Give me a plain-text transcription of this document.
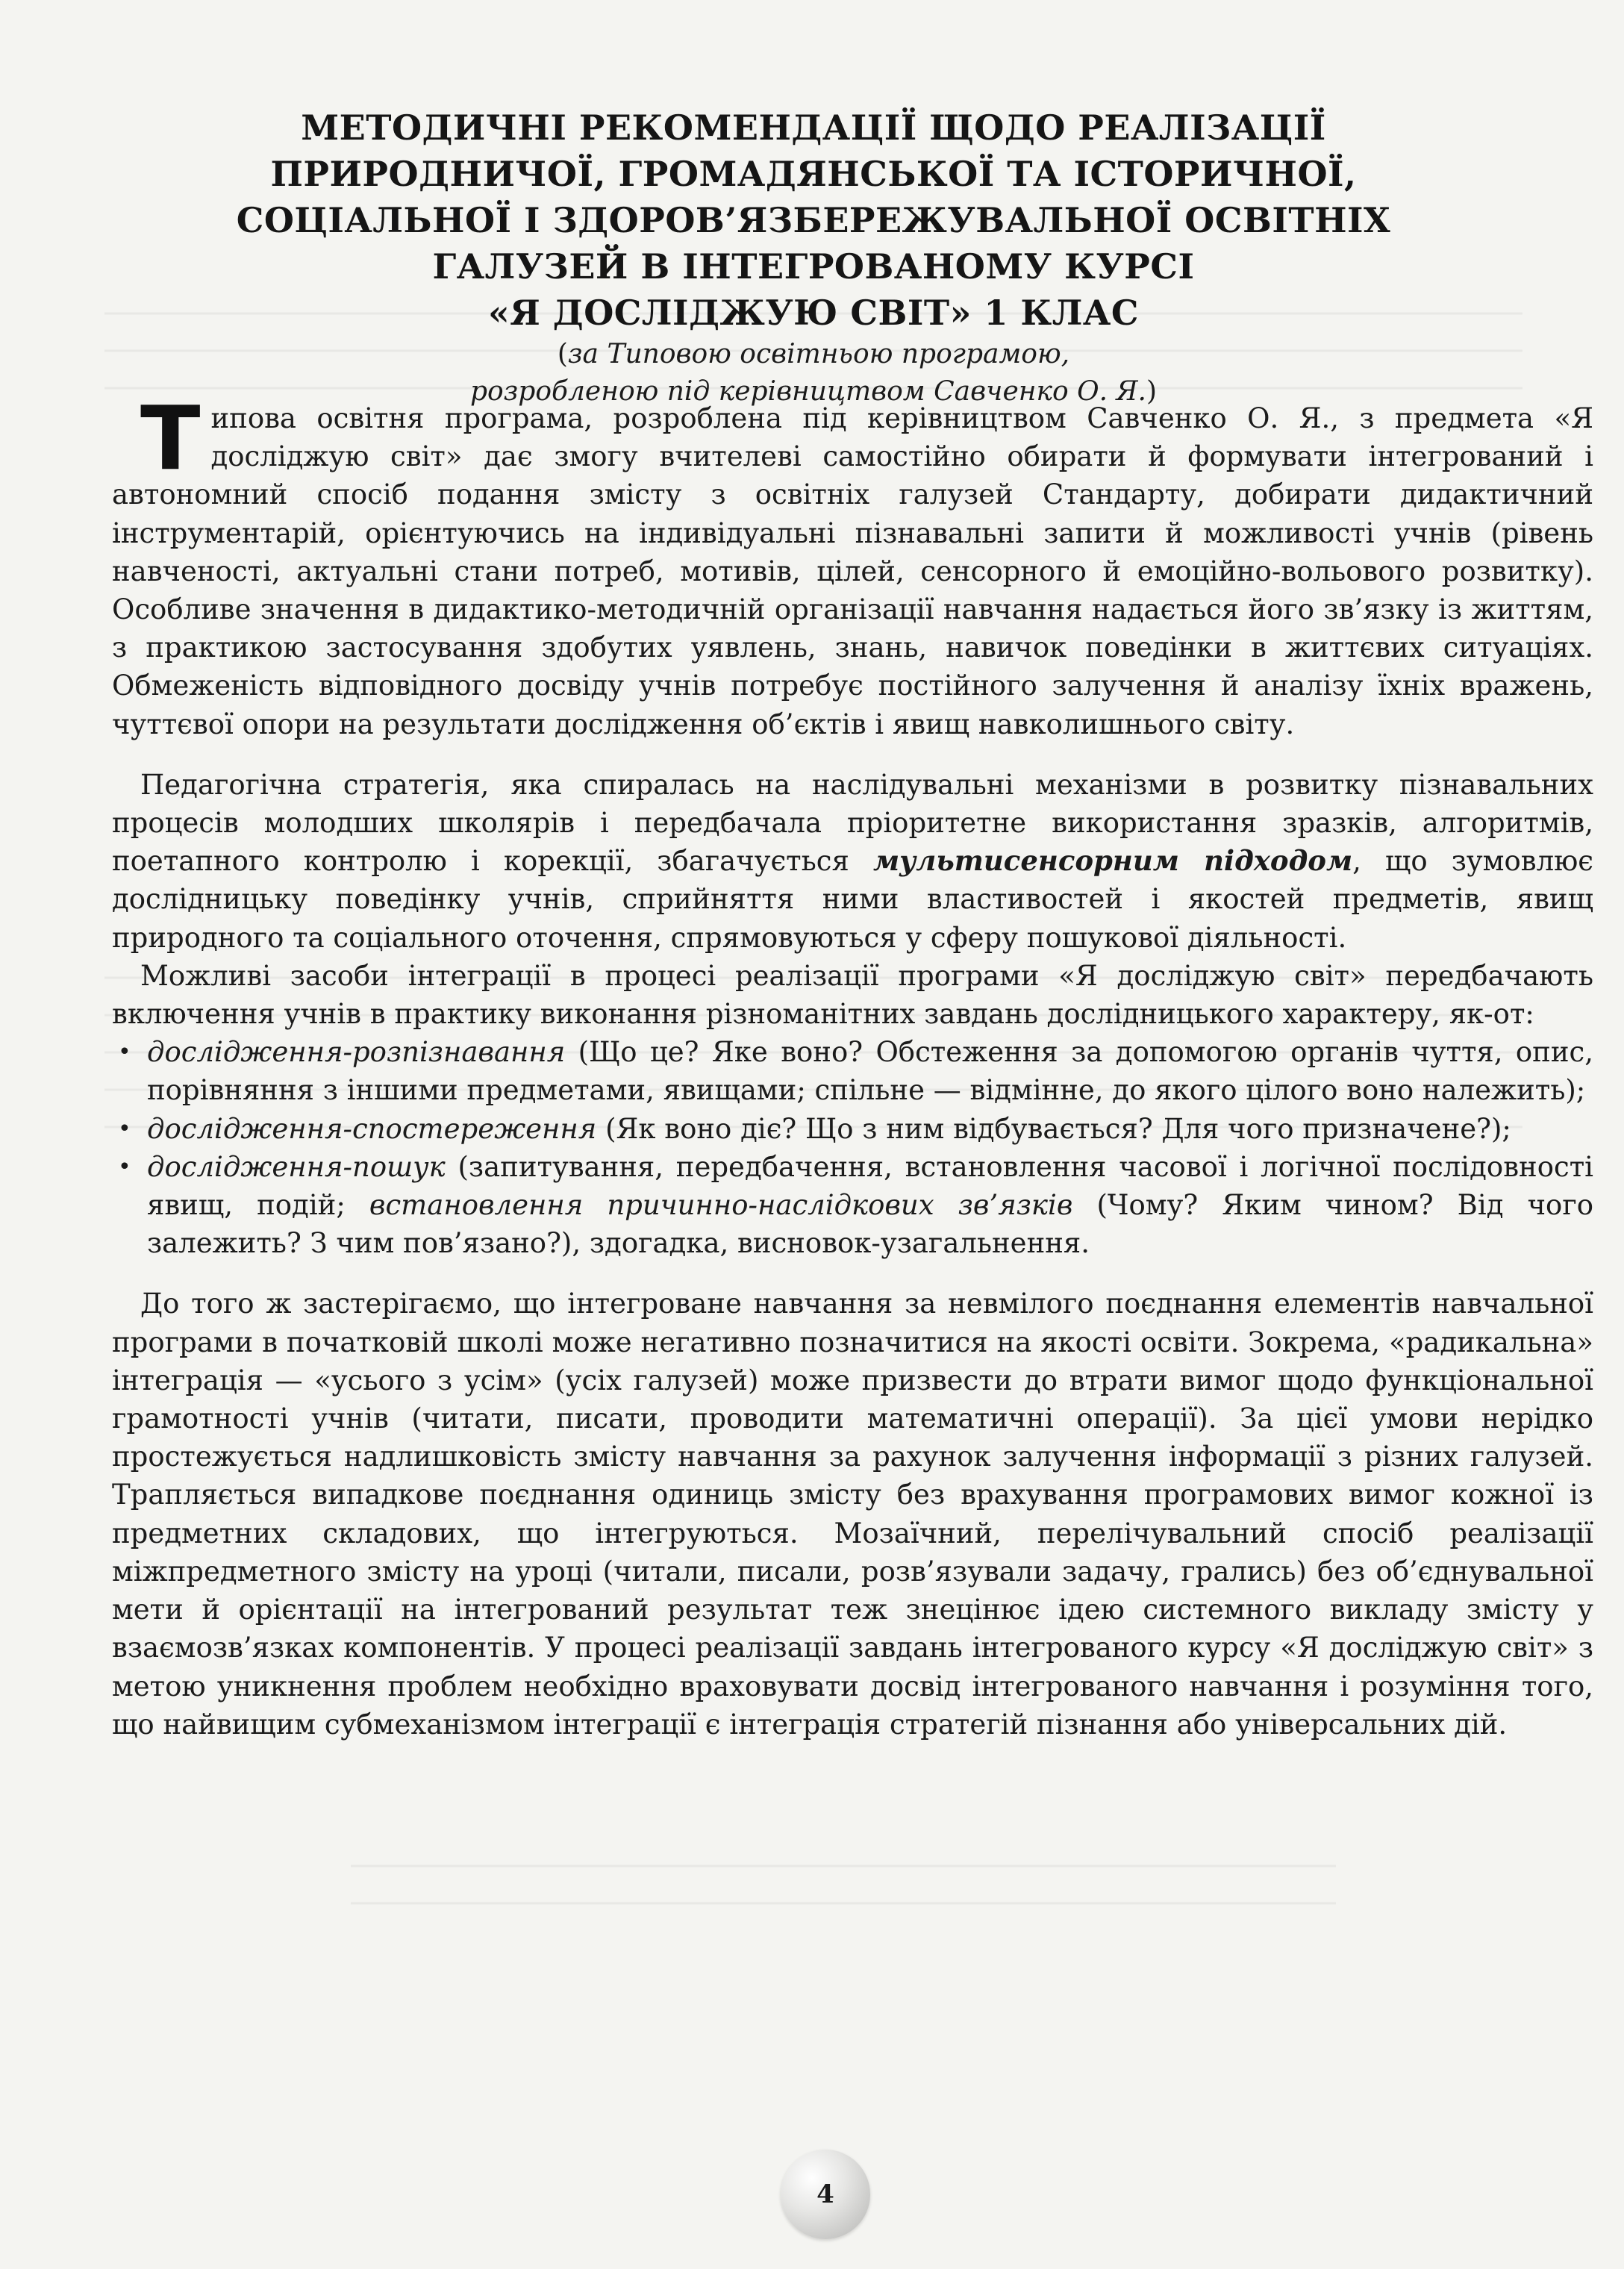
МЕТОДИЧНІ РЕКОМЕНДАЦІЇ ЩОДО РЕАЛІЗАЦІЇ
ПРИРОДНИЧОЇ, ГРОМАДЯНСЬКОЇ ТА ІСТОРИЧНОЇ,
СОЦІАЛЬНОЇ І ЗДОРОВ’ЯЗБЕРЕЖУВАЛЬНОЇ ОСВІТНІХ
ГАЛУЗЕЙ В ІНТЕГРОВАНОМУ КУРСІ
«Я ДОСЛІДЖУЮ СВІТ» 1 КЛАС
(за Типовою освітньою програмою,
розробленою під керівництвом Савченко О. Я.)

Типова освітня програма, розроблена під керівництвом Савченко О. Я., з предмета «Я досліджую світ» дає змогу вчителеві самостійно обирати й формувати інтегрований і автономний спосіб подання змісту з освітніх галузей Стандарту, добирати дидактичний інструментарій, орієнтуючись на індивідуальні пізнавальні запити й можливості учнів (рівень навченості, актуальні стани потреб, мотивів, цілей, сенсорного й емоційно-вольового розвитку). Особливе значення в дидактико-методичній організації навчання надається його зв’язку із життям, з практикою застосування здобутих уявлень, знань, навичок поведінки в життєвих ситуаціях. Обмеженість відповідного досвіду учнів потребує постійного залучення й аналізу їхніх вражень, чуттєвої опори на результати дослідження об’єктів і явищ навколишнього світу.

Педагогічна стратегія, яка спиралась на наслідувальні механізми в розвитку пізнавальних процесів молодших школярів і передбачала пріоритетне використання зразків, алгоритмів, поетапного контролю і корекції, збагачується мультисенсорним підходом, що зумовлює дослідницьку поведінку учнів, сприйняття ними властивостей і якостей предметів, явищ природного та соціального оточення, спрямовуються у сферу пошукової діяльності.

Можливі засоби інтеграції в процесі реалізації програми «Я досліджую світ» передбачають включення учнів в практику виконання різноманітних завдань дослідницького характеру, як-от:

• дослідження-розпізнавання (Що це? Яке воно? Обстеження за допомогою органів чуття, опис, порівняння з іншими предметами, явищами; спільне — відмінне, до якого цілого воно належить);
• дослідження-спостереження (Як воно діє? Що з ним відбувається? Для чого призначене?);
• дослідження-пошук (запитування, передбачення, встановлення часової і логічної послідовності явищ, подій; встановлення причинно-наслідкових зв’язків (Чому? Яким чином? Від чого залежить? З чим пов’язано?), здогадка, висновок-узагальнення.

До того ж застерігаємо, що інтегроване навчання за невмілого поєднання елементів навчальної програми в початковій школі може негативно позначитися на якості освіти. Зокрема, «радикальна» інтеграція — «усього з усім» (усіх галузей) може призвести до втрати вимог щодо функціональної грамотності учнів (читати, писати, проводити математичні операції). За цієї умови нерідко простежується надлишковість змісту навчання за рахунок залучення інформації з різних галузей. Трапляється випадкове поєднання одиниць змісту без врахування програмових вимог кожної із предметних складових, що інтегруються. Мозаїчний, перелічувальний спосіб реалізації міжпредметного змісту на уроці (читали, писали, розв’язували задачу, грались) без об’єднувальної мети й орієнтації на інтегрований результат теж знецінює ідею системного викладу змісту у взаємозв’язках компонентів. У процесі реалізації завдань інтегрованого курсу «Я досліджую світ» з метою уникнення проблем необхідно враховувати досвід інтегрованого навчання і розуміння того, що найвищим субмеханізмом інтеграції є інтеграція стратегій пізнання або універсальних дій.

4
